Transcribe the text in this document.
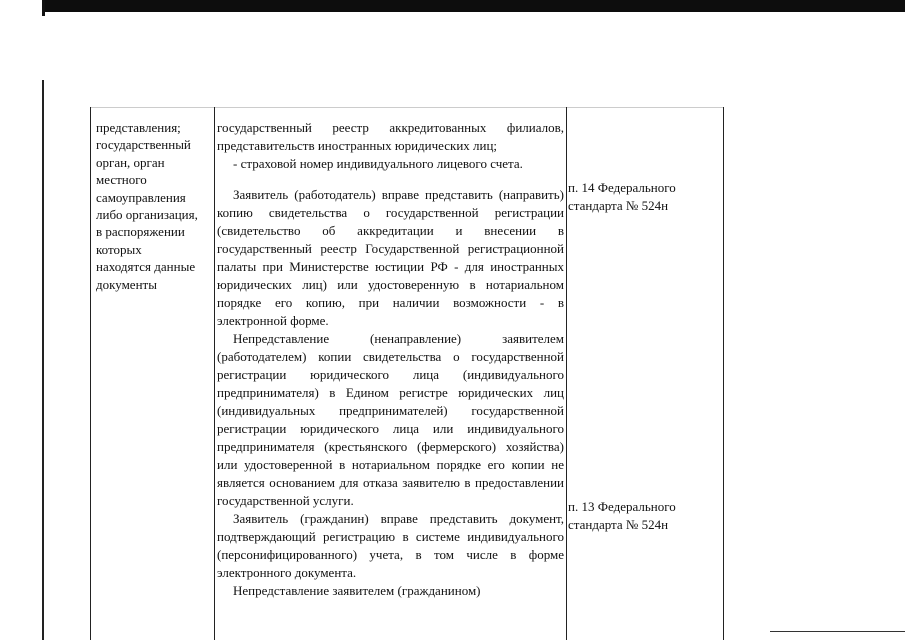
представления;
государственный
орган, орган
местного
самоуправления
либо организация,
в распоряжении
которых
находятся данные
документы

государственный реестр аккредитованных филиалов, представительств иностранных юридических лиц;

- страховой номер индивидуального лицевого счета.

Заявитель (работодатель) вправе представить (направить) копию свидетельства о государственной регистрации (свидетельство об аккредитации и внесении в государственный реестр Государственной регистрационной палаты при Министерстве юстиции РФ - для иностранных юридических лиц) или удостоверенную в нотариальном порядке его копию, при наличии возможности - в электронной форме.

Непредставление (ненаправление) заявителем (работодателем) копии свидетельства о государственной регистрации юридического лица (индивидуального предпринимателя) в Едином регистре юридических лиц (индивидуальных предпринимателей) государственной регистрации юридического лица или индивидуального предпринимателя (крестьянского (фермерского) хозяйства) или удостоверенной в нотариальном порядке его копии не является основанием для отказа заявителю в предоставлении государственной услуги.

Заявитель (гражданин) вправе представить документ, подтверждающий регистрацию в системе индивидуального (персонифицированного) учета, в том числе в форме электронного документа.

Непредставление заявителем (гражданином)

п. 14 Федерального
стандарта № 524н
п. 13 Федерального
стандарта № 524н
